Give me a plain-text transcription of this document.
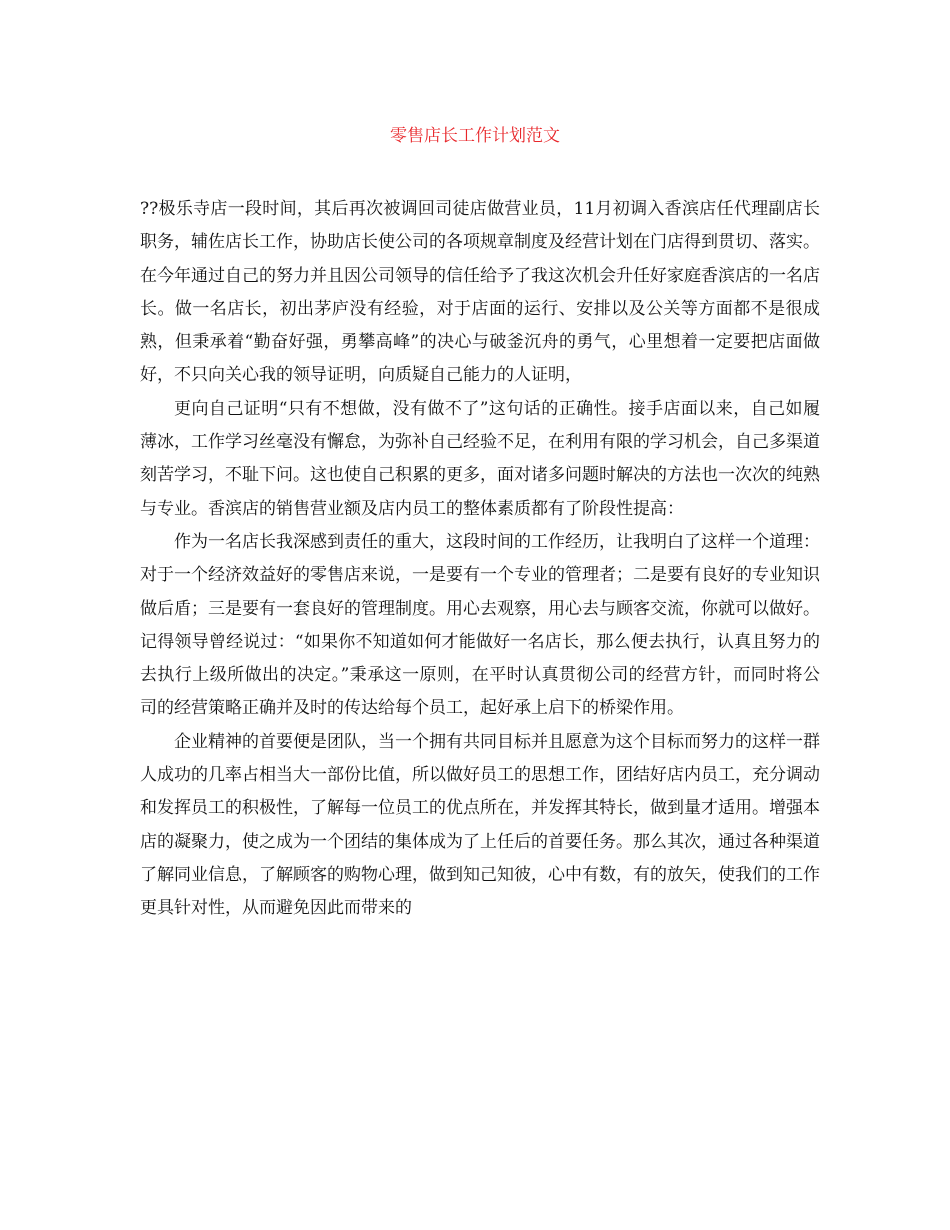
零售店长工作计划范文

??极乐寺店一段时间，其后再次被调回司徒店做营业员，11月初调入香滨店任代理副店长职务，辅佐店长工作，协助店长使公司的各项规章制度及经营计划在门店得到贯切、落实。在今年通过自己的努力并且因公司领导的信任给予了我这次机会升任好家庭香滨店的一名店长。做一名店长，初出茅庐没有经验，对于店面的运行、安排以及公关等方面都不是很成熟，但秉承着“勤奋好强，勇攀高峰”的决心与破釜沉舟的勇气，心里想着一定要把店面做好，不只向关心我的领导证明，向质疑自己能力的人证明，

更向自己证明“只有不想做，没有做不了”这句话的正确性。接手店面以来，自己如履薄冰，工作学习丝毫没有懈怠，为弥补自己经验不足，在利用有限的学习机会，自己多渠道刻苦学习，不耻下问。这也使自己积累的更多，面对诸多问题时解决的方法也一次次的纯熟与专业。香滨店的销售营业额及店内员工的整体素质都有了阶段性提高：

作为一名店长我深感到责任的重大，这段时间的工作经历，让我明白了这样一个道理：对于一个经济效益好的零售店来说，一是要有一个专业的管理者；二是要有良好的专业知识做后盾；三是要有一套良好的管理制度。用心去观察，用心去与顾客交流，你就可以做好。记得领导曾经说过：“如果你不知道如何才能做好一名店长，那么便去执行，认真且努力的去执行上级所做出的决定。”秉承这一原则，在平时认真贯彻公司的经营方针，而同时将公司的经营策略正确并及时的传达给每个员工，起好承上启下的桥梁作用。

企业精神的首要便是团队，当一个拥有共同目标并且愿意为这个目标而努力的这样一群人成功的几率占相当大一部份比值，所以做好员工的思想工作，团结好店内员工，充分调动和发挥员工的积极性，了解每一位员工的优点所在，并发挥其特长，做到量才适用。增强本店的凝聚力，使之成为一个团结的集体成为了上任后的首要任务。那么其次，通过各种渠道了解同业信息，了解顾客的购物心理，做到知己知彼，心中有数，有的放矢，使我们的工作更具针对性，从而避免因此而带来的
